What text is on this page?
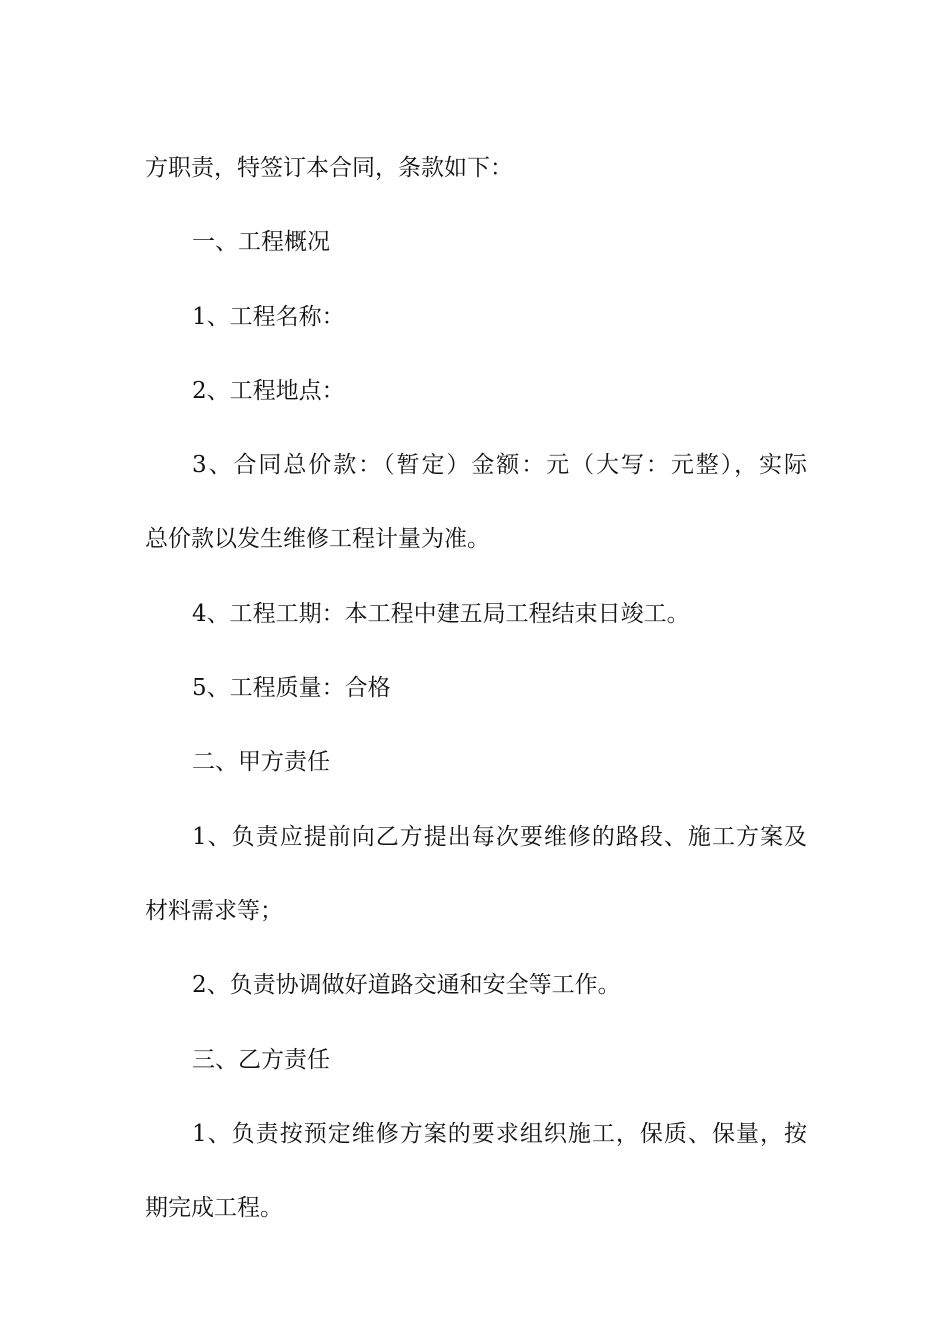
方职责，特签订本合同，条款如下：
一、工程概况
1、工程名称：
2、工程地点：
3、合同总价款：（暂定）金额：元（大写：元整），实际
总价款以发生维修工程计量为准。
4、工程工期：本工程中建五局工程结束日竣工。
5、工程质量：合格
二、甲方责任
1、负责应提前向乙方提出每次要维修的路段、施工方案及
材料需求等；
2、负责协调做好道路交通和安全等工作。
三、乙方责任
1、负责按预定维修方案的要求组织施工，保质、保量，按
期完成工程。
